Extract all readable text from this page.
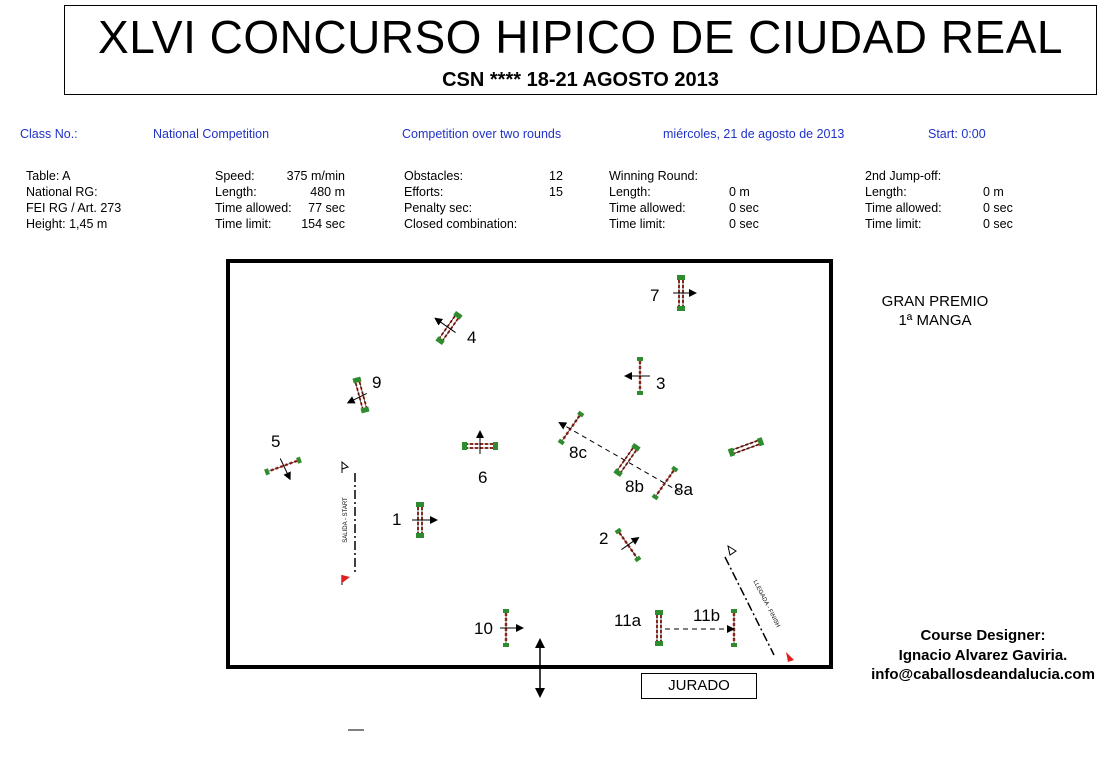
XLVI CONCURSO HIPICO DE CIUDAD REAL
CSN **** 18-21 AGOSTO 2013
Class No.:	National Competition	Competition over two rounds	miércoles, 21 de agosto de 2013	Start: 0:00
Table: A
National RG:
FEI RG / Art. 273
Height: 1,45 m
Speed:	375 m/min
Length:	480 m
Time allowed: 77 sec
Time limit: 154 sec
Obstacles:	12
Efforts:	15
Penalty sec:
Closed combination:
Winning Round:
Length:	0 m
Time allowed:	0 sec
Time limit:	0 sec
2nd Jump-off:
Length:	0 m
Time allowed:	0 sec
Time limit:	0 sec
1
2
3
4
5
6
7
8a
8b
8c
9
10	11a	11b
SALIDA - START
LLEGADA - FINISH
GRAN PREMIO
1ª MANGA
Course Designer:
Ignacio Alvarez Gaviria.
info@caballosdeandalucia.com
JURADO
